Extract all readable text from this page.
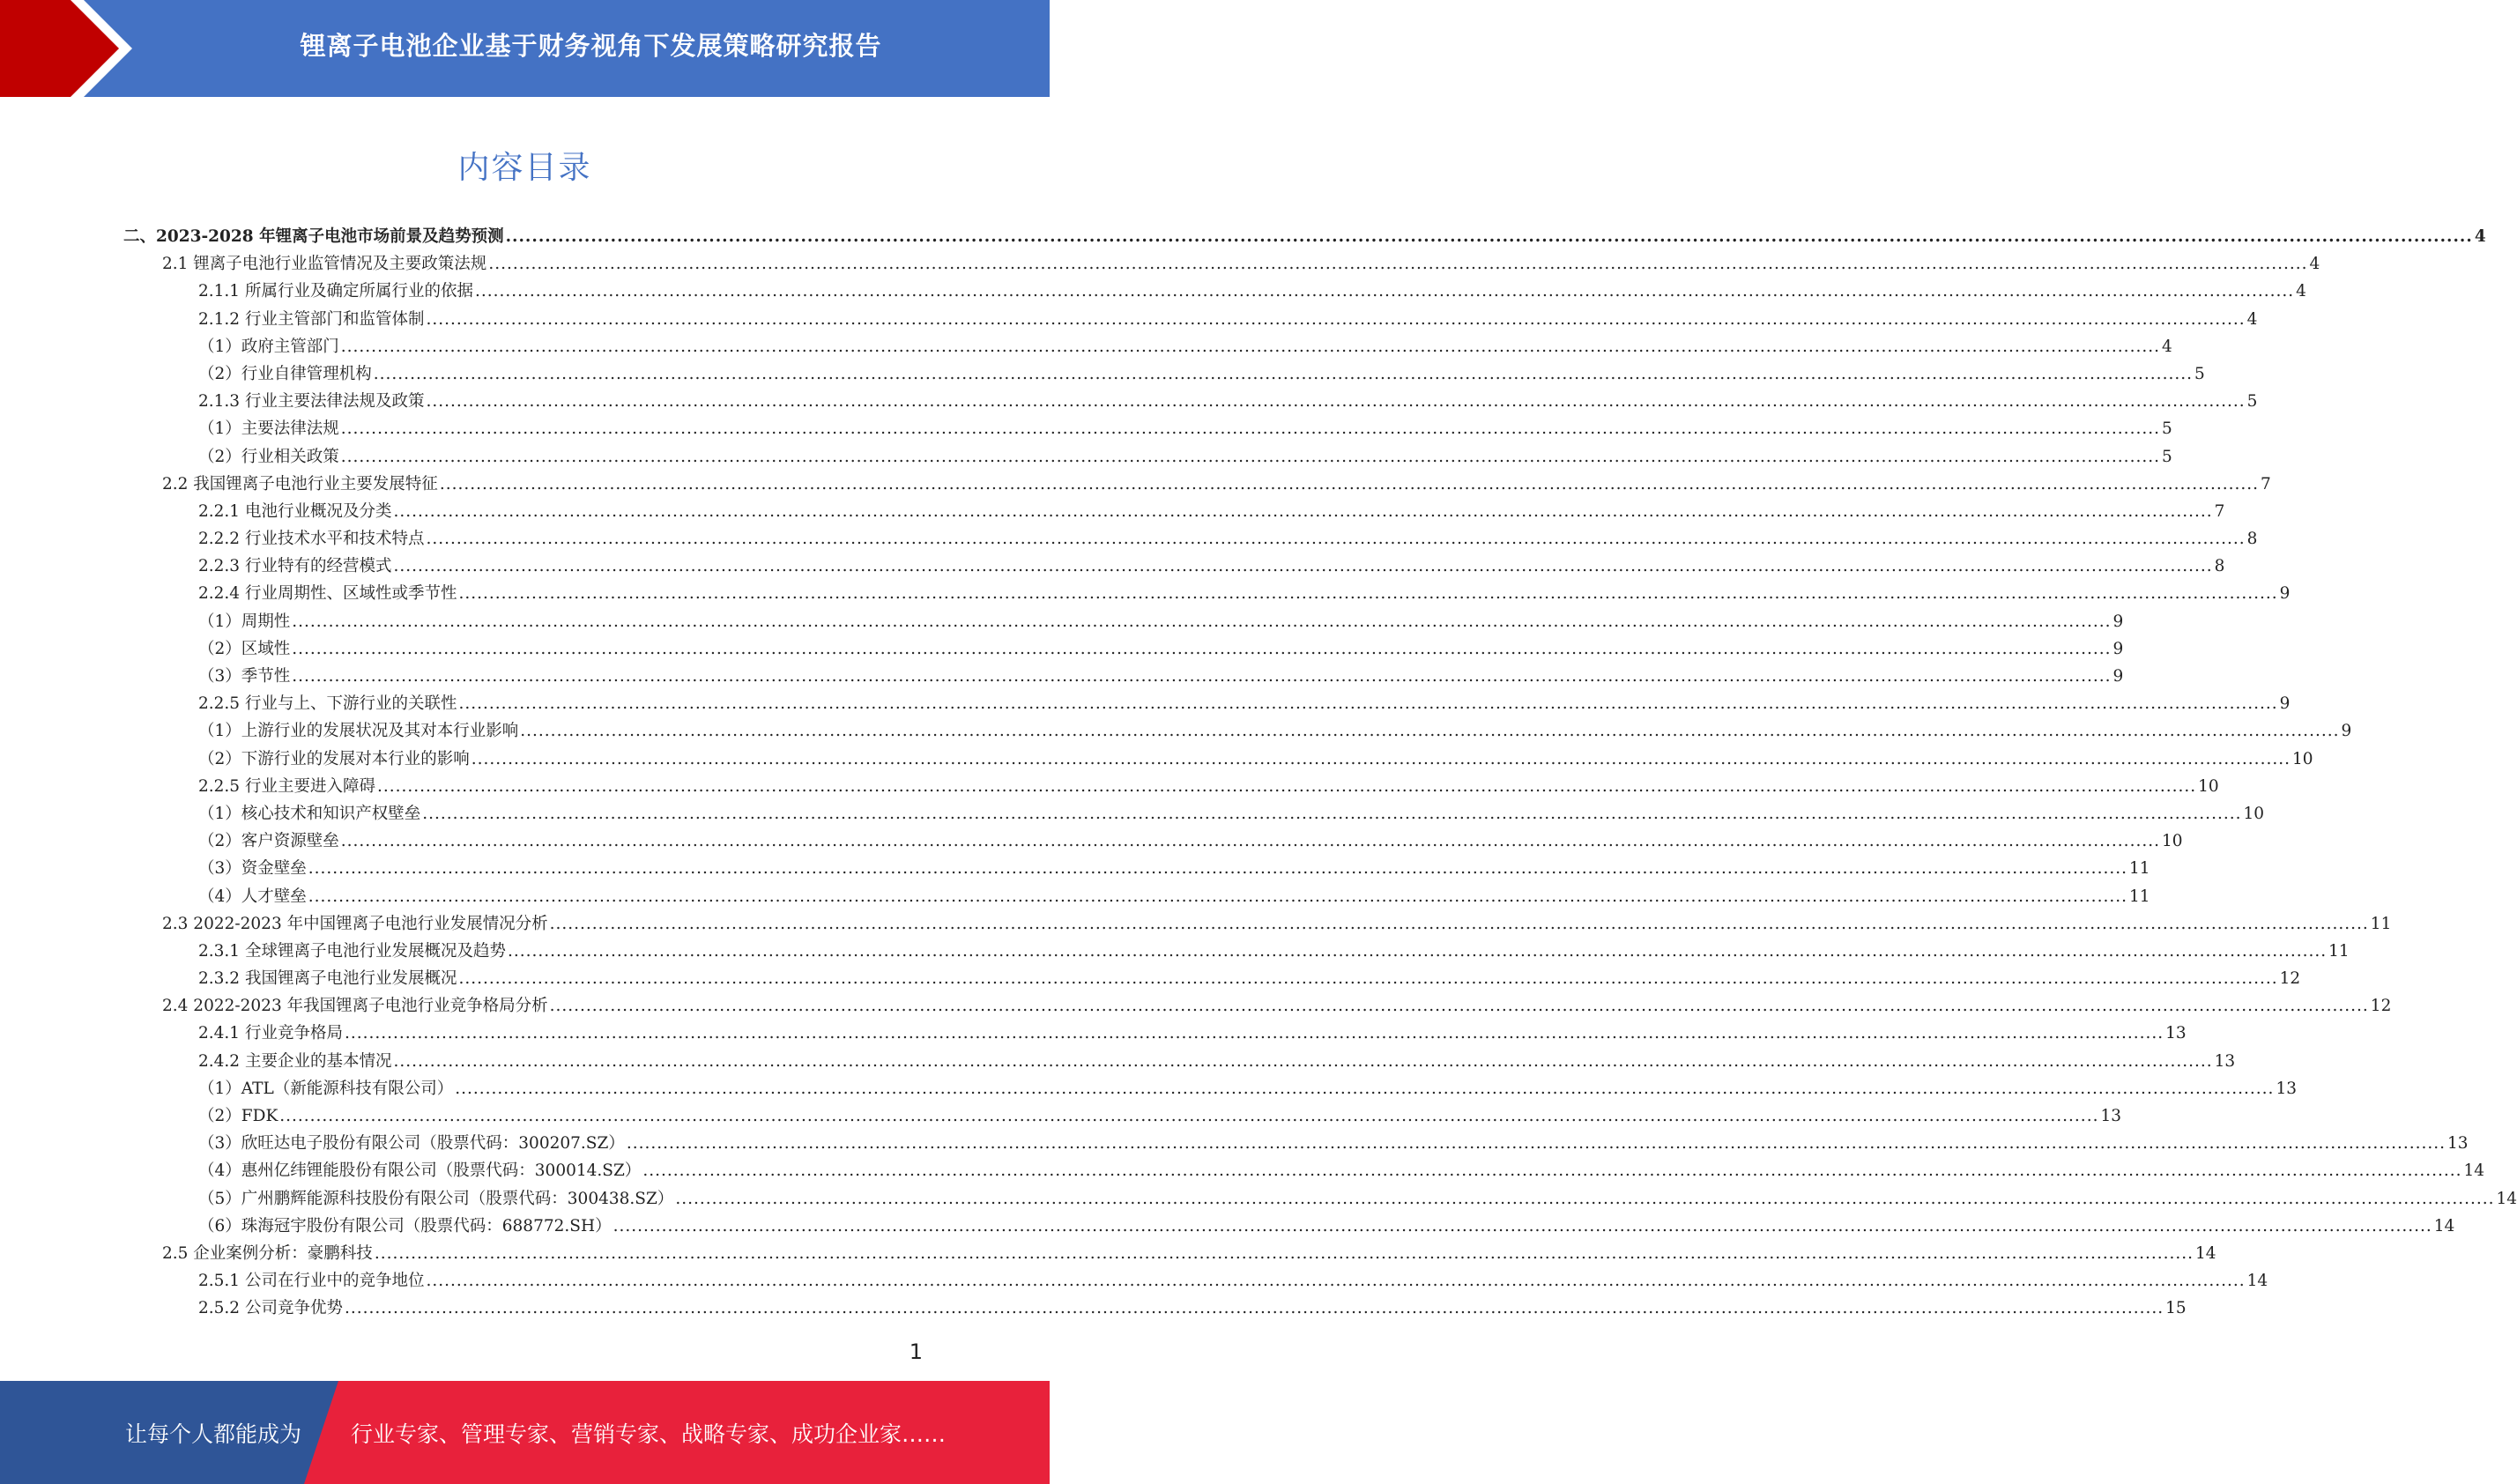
锂离子电池企业基于财务视角下发展策略研究报告
内容目录
二、2023-2028 年锂离子电池市场前景及趋势预测 ............................................................................................................................................................................................................................................................................................................ 4
2.1 锂离子电池行业监管情况及主要政策法规 ............................................................................................................................................................................................................................................................................................................ 4
2.1.1 所属行业及确定所属行业的依据 ............................................................................................................................................................................................................................................................................................................ 4
2.1.2 行业主管部门和监管体制 ............................................................................................................................................................................................................................................................................................................ 4
（1）政府主管部门 ............................................................................................................................................................................................................................................................................................................ 4
（2）行业自律管理机构 ............................................................................................................................................................................................................................................................................................................ 5
2.1.3 行业主要法律法规及政策 ............................................................................................................................................................................................................................................................................................................ 5
（1）主要法律法规 ............................................................................................................................................................................................................................................................................................................ 5
（2）行业相关政策 ............................................................................................................................................................................................................................................................................................................ 5
2.2 我国锂离子电池行业主要发展特征 ............................................................................................................................................................................................................................................................................................................ 7
2.2.1 电池行业概况及分类 ............................................................................................................................................................................................................................................................................................................ 7
2.2.2 行业技术水平和技术特点 ............................................................................................................................................................................................................................................................................................................ 8
2.2.3 行业特有的经营模式 ............................................................................................................................................................................................................................................................................................................ 8
2.2.4 行业周期性、区域性或季节性 ............................................................................................................................................................................................................................................................................................................ 9
（1）周期性 ............................................................................................................................................................................................................................................................................................................ 9
（2）区域性 ............................................................................................................................................................................................................................................................................................................ 9
（3）季节性 ............................................................................................................................................................................................................................................................................................................ 9
2.2.5 行业与上、下游行业的关联性 ............................................................................................................................................................................................................................................................................................................ 9
（1）上游行业的发展状况及其对本行业影响 ............................................................................................................................................................................................................................................................................................................ 9
（2）下游行业的发展对本行业的影响 ............................................................................................................................................................................................................................................................................................................ 10
2.2.5 行业主要进入障碍 ............................................................................................................................................................................................................................................................................................................ 10
（1）核心技术和知识产权壁垒 ............................................................................................................................................................................................................................................................................................................ 10
（2）客户资源壁垒 ............................................................................................................................................................................................................................................................................................................ 10
（3）资金壁垒 ............................................................................................................................................................................................................................................................................................................ 11
（4）人才壁垒 ............................................................................................................................................................................................................................................................................................................ 11
2.3 2022-2023 年中国锂离子电池行业发展情况分析 ............................................................................................................................................................................................................................................................................................................ 11
2.3.1 全球锂离子电池行业发展概况及趋势 ............................................................................................................................................................................................................................................................................................................ 11
2.3.2 我国锂离子电池行业发展概况 ............................................................................................................................................................................................................................................................................................................ 12
2.4 2022-2023 年我国锂离子电池行业竞争格局分析 ............................................................................................................................................................................................................................................................................................................ 12
2.4.1 行业竞争格局 ............................................................................................................................................................................................................................................................................................................ 13
2.4.2 主要企业的基本情况 ............................................................................................................................................................................................................................................................................................................ 13
（1）ATL（新能源科技有限公司） ............................................................................................................................................................................................................................................................................................................ 13
（2）FDK ............................................................................................................................................................................................................................................................................................................ 13
（3）欣旺达电子股份有限公司（股票代码：300207.SZ） ............................................................................................................................................................................................................................................................................................................ 13
（4）惠州亿纬锂能股份有限公司（股票代码：300014.SZ） ............................................................................................................................................................................................................................................................................................................ 14
（5）广州鹏辉能源科技股份有限公司（股票代码：300438.SZ） ............................................................................................................................................................................................................................................................................................................ 14
（6）珠海冠宇股份有限公司（股票代码：688772.SH） ............................................................................................................................................................................................................................................................................................................ 14
2.5 企业案例分析：豪鹏科技 ............................................................................................................................................................................................................................................................................................................ 14
2.5.1 公司在行业中的竞争地位 ............................................................................................................................................................................................................................................................................................................ 14
2.5.2 公司竞争优势 ............................................................................................................................................................................................................................................................................................................ 15
1
让每个人都能成为 行业专家、管理专家、营销专家、战略专家、成功企业家……
